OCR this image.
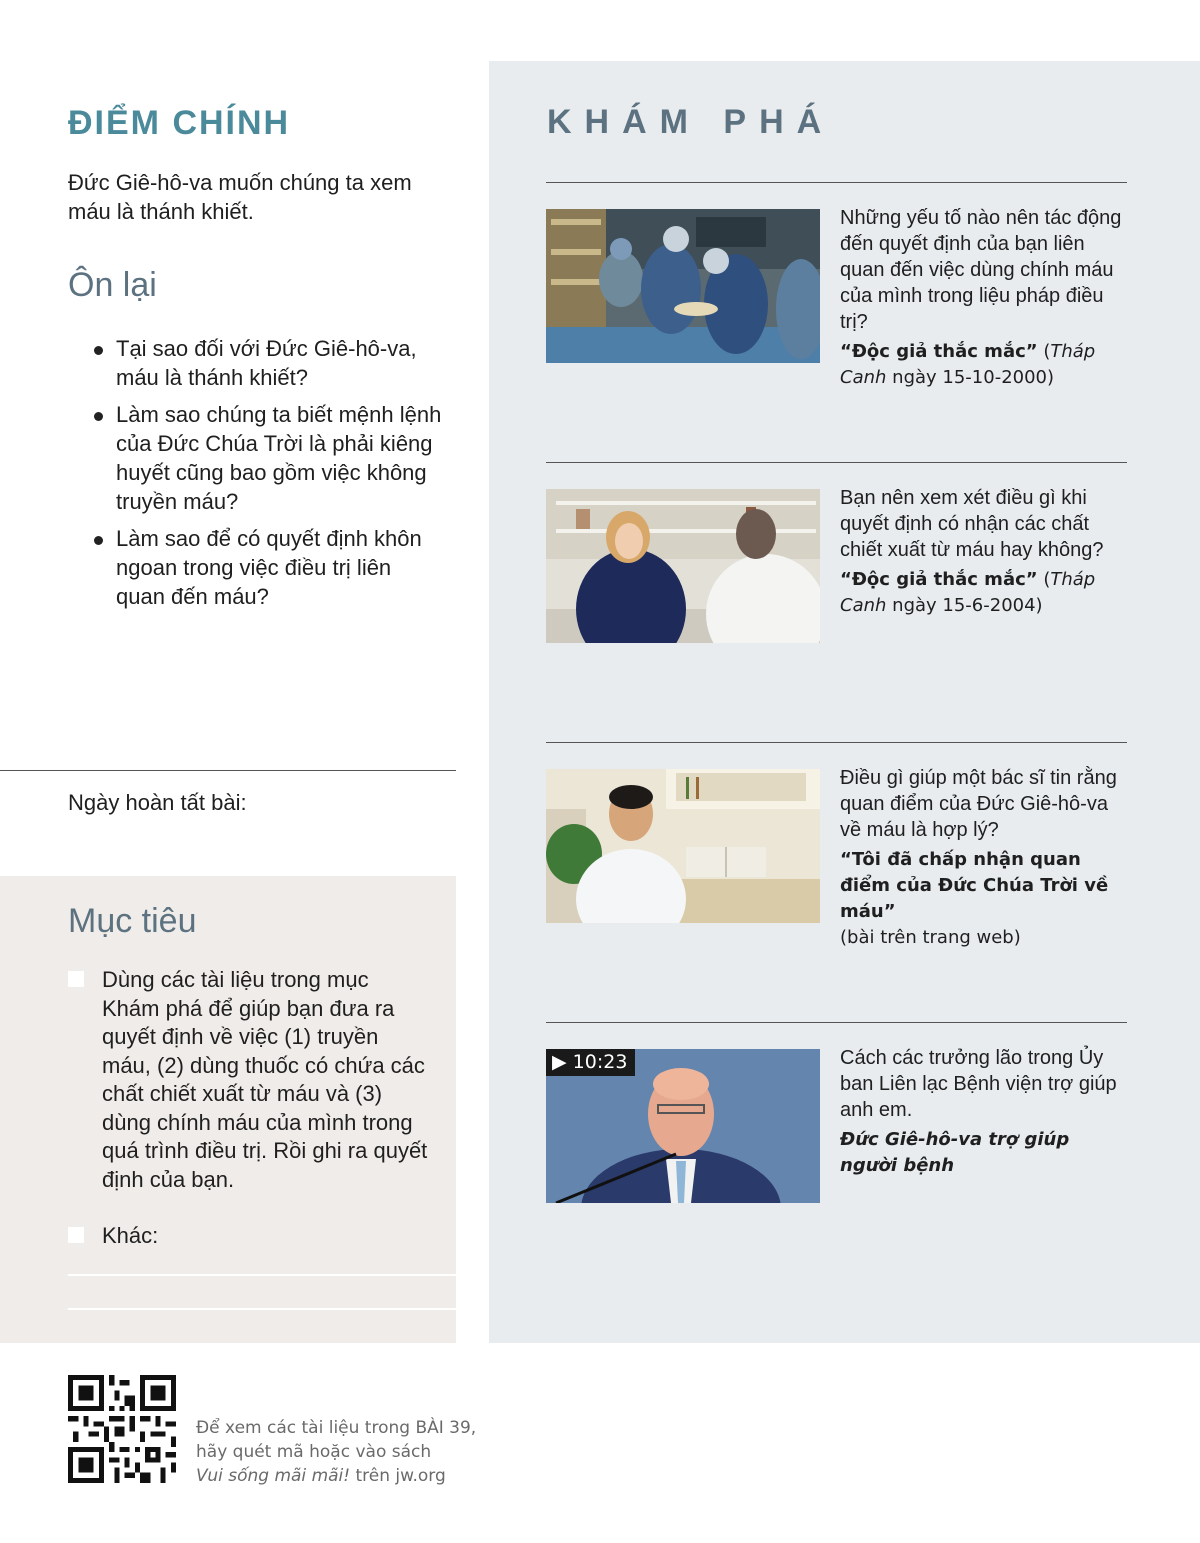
ĐIỂM CHÍNH

Đức Giê-hô-va muốn chúng ta xem máu là thánh khiết.

Ôn lại
Tại sao đối với Đức Giê-hô-va, máu là thánh khiết?
Làm sao chúng ta biết mệnh lệnh của Đức Chúa Trời là phải kiêng huyết cũng bao gồm việc không truyền máu?
Làm sao để có quyết định khôn ngoan trong việc điều trị liên quan đến máu?
Ngày hoàn tất bài:
Mục tiêu
Dùng các tài liệu trong mục Khám phá để giúp bạn đưa ra quyết định về việc (1) truyền máu, (2) dùng thuốc có chứa các chất chiết xuất từ máu và (3) dùng chính máu của mình trong quá trình điều trị. Rồi ghi ra quyết định của bạn.
Khác:
KHÁM PHÁ

Những yếu tố nào nên tác động đến quyết định của bạn liên quan đến việc dùng chính máu của mình trong liệu pháp điều trị?

“Độc giả thắc mắc” (Tháp Canh ngày 15-10-2000)

Bạn nên xem xét điều gì khi quyết định có nhận các chất chiết xuất từ máu hay không?

“Độc giả thắc mắc” (Tháp Canh ngày 15-6-2004)

Điều gì giúp một bác sĩ tin rằng quan điểm của Đức Giê-hô-va về máu là hợp lý?

“Tôi đã chấp nhận quan điểm của Đức Chúa Trời về máu”
(bài trên trang web)

▶ 10:23	Cách các trưởng lão trong Ủy ban Liên lạc Bệnh viện trợ giúp anh em.

Đức Giê-hô-va trợ giúp người bệnh

Để xem các tài liệu trong BÀI 39,
hãy quét mã hoặc vào sách
Vui sống mãi mãi! trên jw.org
